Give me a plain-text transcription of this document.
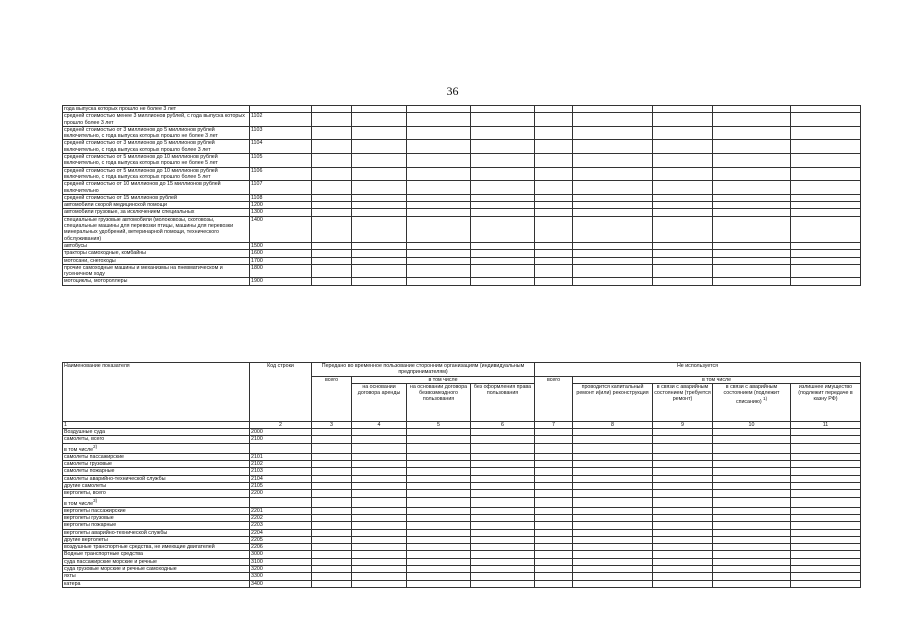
36
года выпуска которых прошло не более 3 лет										
средней стоимостью менее 3 миллионов рублей, с года выпуска которых прошло более 3 лет	1102									
средней стоимостью от 3 миллионов до 5 миллионов рублей включительно, с года выпуска которых прошло не более 3 лет	1103									
средней стоимостью от 3 миллионов до 5 миллионов рублей включительно, с года выпуска которых прошло более 3 лет	1104									
средней стоимостью от 5 миллионов до 10 миллионов рублей включительно, с года выпуска которых прошло не более 5 лет	1105									
средней стоимостью от 5 миллионов до 10 миллионов рублей включительно, с года выпуска которых прошло более 5 лет	1106									
средней стоимостью от 10 миллионов до 15 миллионов рублей включительно	1107									
средней стоимостью от 15 миллионов рублей	1108									
автомобили скорой медицинской помощи	1200									
автомобили грузовые, за исключением специальных	1300									
специальные грузовые автомобили (молоковозы, скотовозы, специальные машины для перевозки птицы, машины для перевозки минеральных удобрений, ветеринарной помощи, технического обслуживания)	1400									
автобусы	1500									
тракторы самоходные, комбайны	1600									
мотосани, снегоходы	1700									
прочие самоходные машины и механизмы на пневматическом и гусеничном ходу	1800									
мотоциклы, мотороллеры	1900									
Наименование показателя	Код строки	Передано во временное пользование сторонним организациям (индивидуальным предпринимателям)				Не используется				
		всего	в том числе			всего	в том числе			
			на основании договора аренды	на основании договора безвозмездного пользования	без оформления права пользования		проводится капитальный ремонт и(или) реконструкция	в связи с аварийным состоянием (требуется ремонт)	в связи с аварийным состоянием (подлежит списанию) $^{1)}$	излишнее имущество (подлежит передаче в казну РФ)
1	2	3	4	5	6	7	8	9	10	11
Воздушные суда	2000									
самолеты, всего	2100									
в том числе$^{2)}$										
самолеты пассажирские	2101									
самолеты грузовые	2102									
самолеты пожарные	2103									
самолеты аварийно-технической службы	2104									
другие самолеты	2105									
вертолеты, всего	2200									
в том числе$^{3)}$										
вертолеты пассажирские	2201									
вертолеты грузовые	2202									
вертолеты пожарные	2203									
вертолеты аварийно-технической службы	2204									
другие вертолеты	2205									
воздушные транспортные средства, не имеющие двигателей	2206									
Водные транспортные средства	3000									
суда пассажирские морские и речные	3100									
суда грузовые морские и речные самоходные	3200									
яхты	3300									
катера	3400									
